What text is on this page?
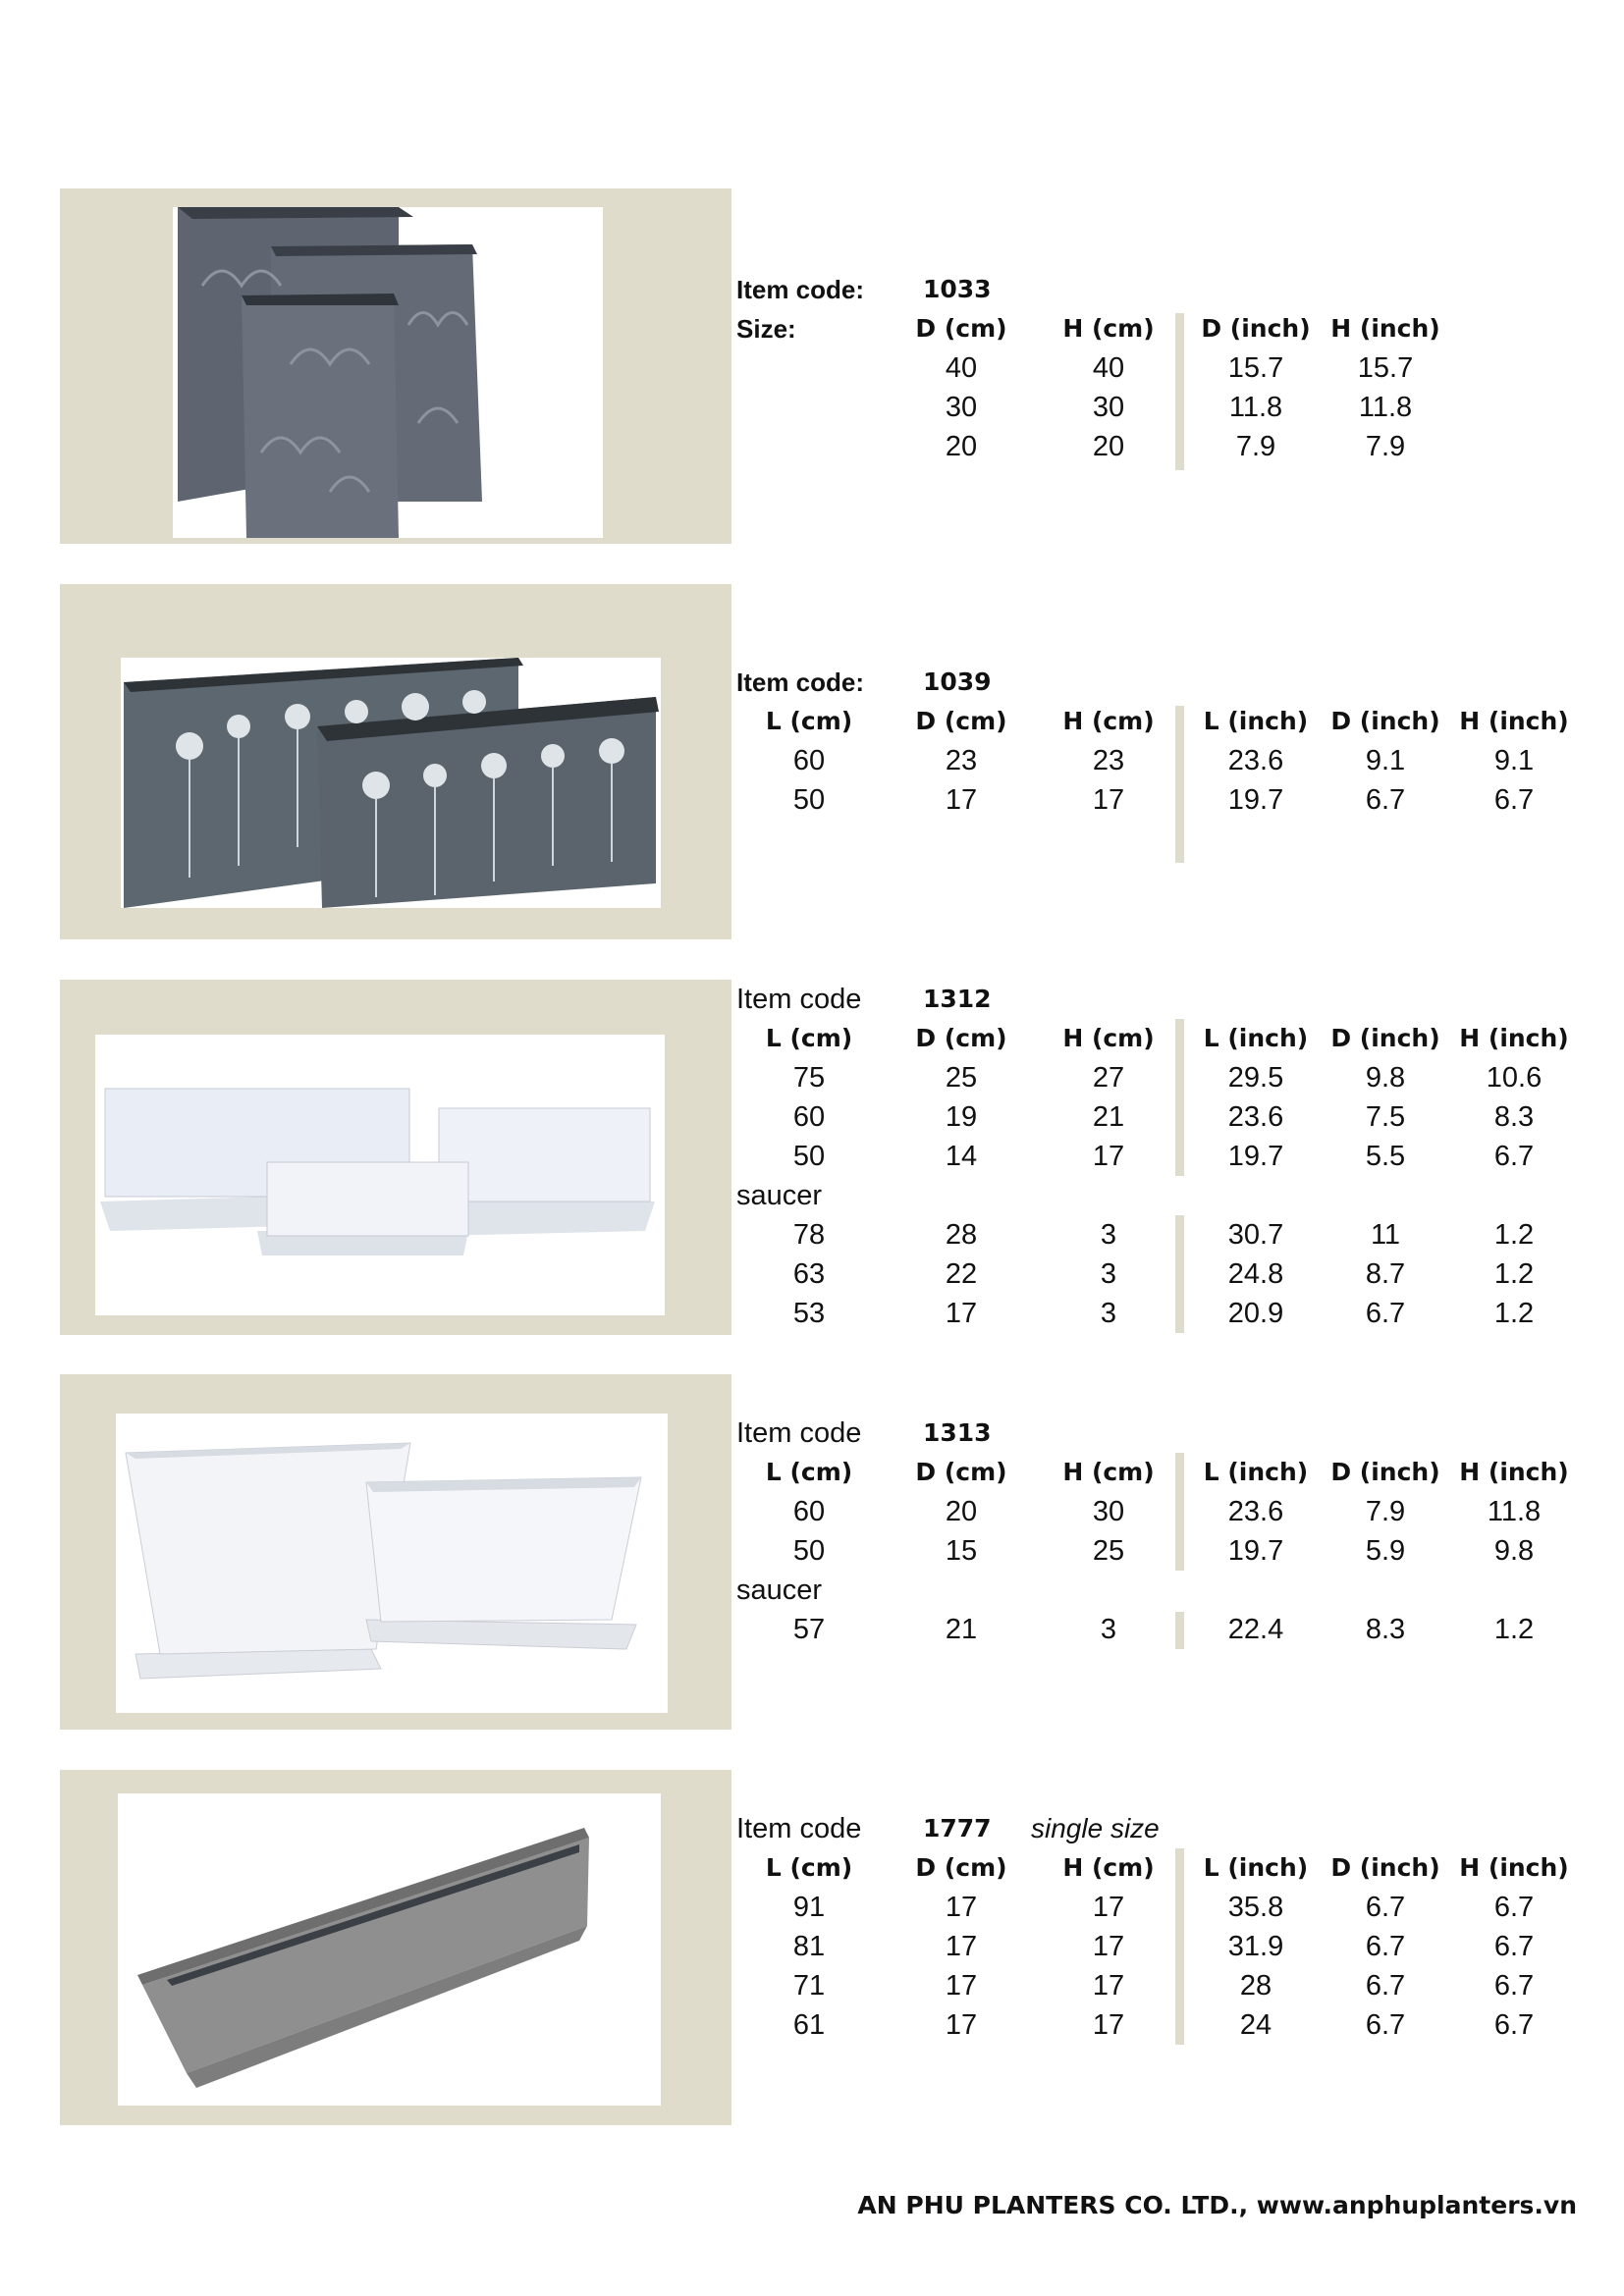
Item code: 1033
Size:	D (cm)	H (cm)	D (inch) H (inch)
40	40	15.7	15.7
30	30	11.8	11.8
20	20	7.9	7.9
Item code: 1039
L (cm)	D (cm)	H (cm)	L (inch) D (inch) H (inch)
60	23	23	23.6	9.1	9.1
50	17	17	19.7	6.7	6.7
Item code	1312
L (cm)	D (cm)	H (cm)	L (inch) D (inch) H (inch)
75	25	27	29.5	9.8	10.6
60	19	21	23.6	7.5	8.3
50	14	17	19.7	5.5	6.7
saucer
78	28	3	30.7	11	1.2
63	22	3	24.8	8.7	1.2
53	17	3	20.9	6.7	1.2
Item code	1313
L (cm)	D (cm)	H (cm)	L (inch) D (inch) H (inch)
60	20	30	23.6	7.9	11.8
50	15	25	19.7	5.9	9.8
saucer
57	21	3	22.4	8.3	1.2
Item code	1777 single size
L (cm)	D (cm)	H (cm)	L (inch) D (inch) H (inch)
91	17	17	35.8	6.7	6.7
81	17	17	31.9	6.7	6.7
71	17	17	28	6.7	6.7
61	17	17	24	6.7	6.7
AN PHU PLANTERS CO. LTD., www.anphuplanters.vn
